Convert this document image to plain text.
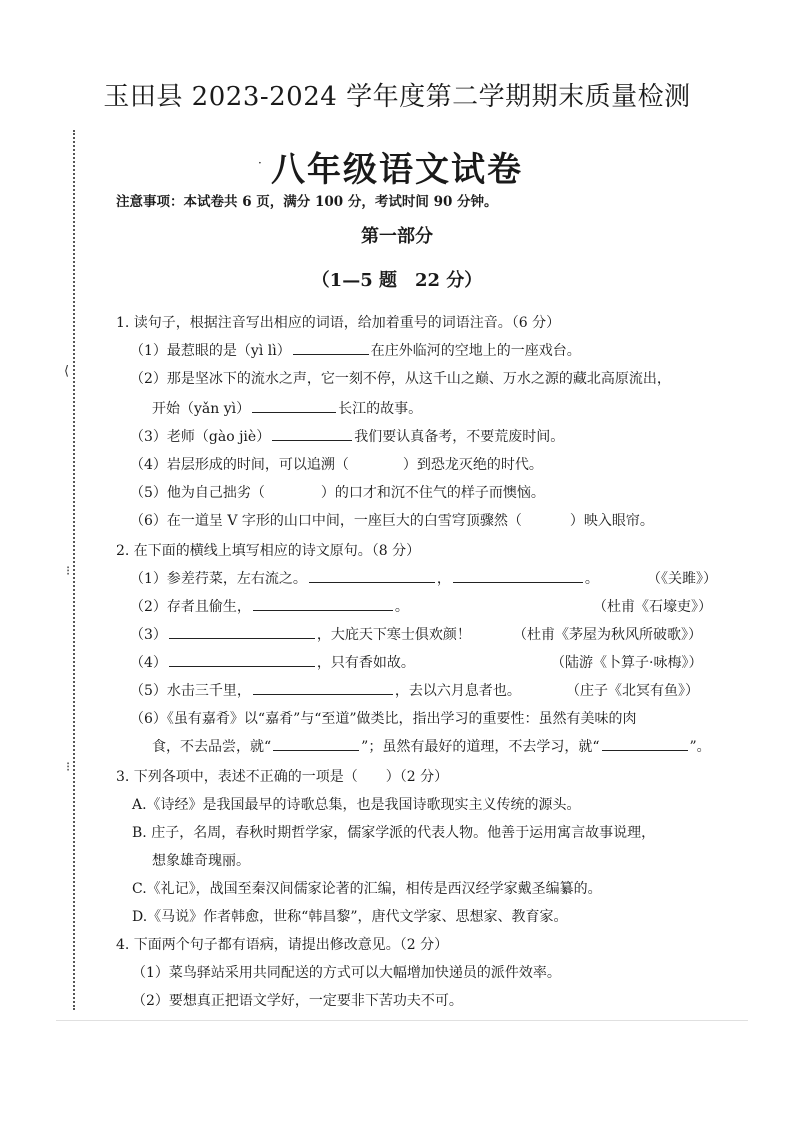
⟨
⁝
⁝
玉田县 2023-2024 学年度第二学期期末质量检测
· 八年级语文试卷
注意事项：本试卷共 6 页，满分 100 分，考试时间 90 分钟。
第一部分
（1—5 题　22 分）
1. 读句子，根据注音写出相应的词语，给加着重号的词语注音。（6 分）
（1）最惹眼的是（yì lì）	在庄外临河的空地上的一座戏台。
（2）那是坚冰下的流水之声，它一刻不停，从这千山之巅、万水之源的藏北高原流出，
开始（yǎn yì）	长江的故事。
（3）老师（gào jiè）	我们要认真备考，不要荒废时间。
（4）岩层形成的时间，可以追溯（	）到恐龙灭绝的时代。
（5）他为自己拙劣（	）的口才和沉不住气的样子而懊恼。
（6）在一道呈 V 字形的山口中间，一座巨大的白雪穹顶骤然（	）映入眼帘。
2. 在下面的横线上填写相应的诗文原句。（8 分）
（1）参差荇菜，左右流之。	，	。	（《关雎》）
（2）存者且偷生，	。	（杜甫《石壕吏》）
（3）	，大庇天下寒士俱欢颜！	（杜甫《茅屋为秋风所破歌》）
（4）	，只有香如故。	（陆游《卜算子·咏梅》）
（5）水击三千里，	，去以六月息者也。	（庄子《北冥有鱼》）
（6）《虽有嘉肴》以“嘉肴”与“至道”做类比，指出学习的重要性：虽然有美味的肉
食，不去品尝，就“	”；虽然有最好的道理，不去学习，就“	”。
3. 下列各项中，表述不正确的一项是（　　）（2 分）
A.《诗经》是我国最早的诗歌总集，也是我国诗歌现实主义传统的源头。
B. 庄子，名周，春秋时期哲学家，儒家学派的代表人物。他善于运用寓言故事说理，
想象雄奇瑰丽。
C.《礼记》，战国至秦汉间儒家论著的汇编，相传是西汉经学家戴圣编纂的。
D.《马说》作者韩愈，世称“韩昌黎”，唐代文学家、思想家、教育家。
4. 下面两个句子都有语病，请提出修改意见。（2 分）
（1）菜鸟驿站采用共同配送的方式可以大幅增加快递员的派件效率。
（2）要想真正把语文学好，一定要非下苦功夫不可。
